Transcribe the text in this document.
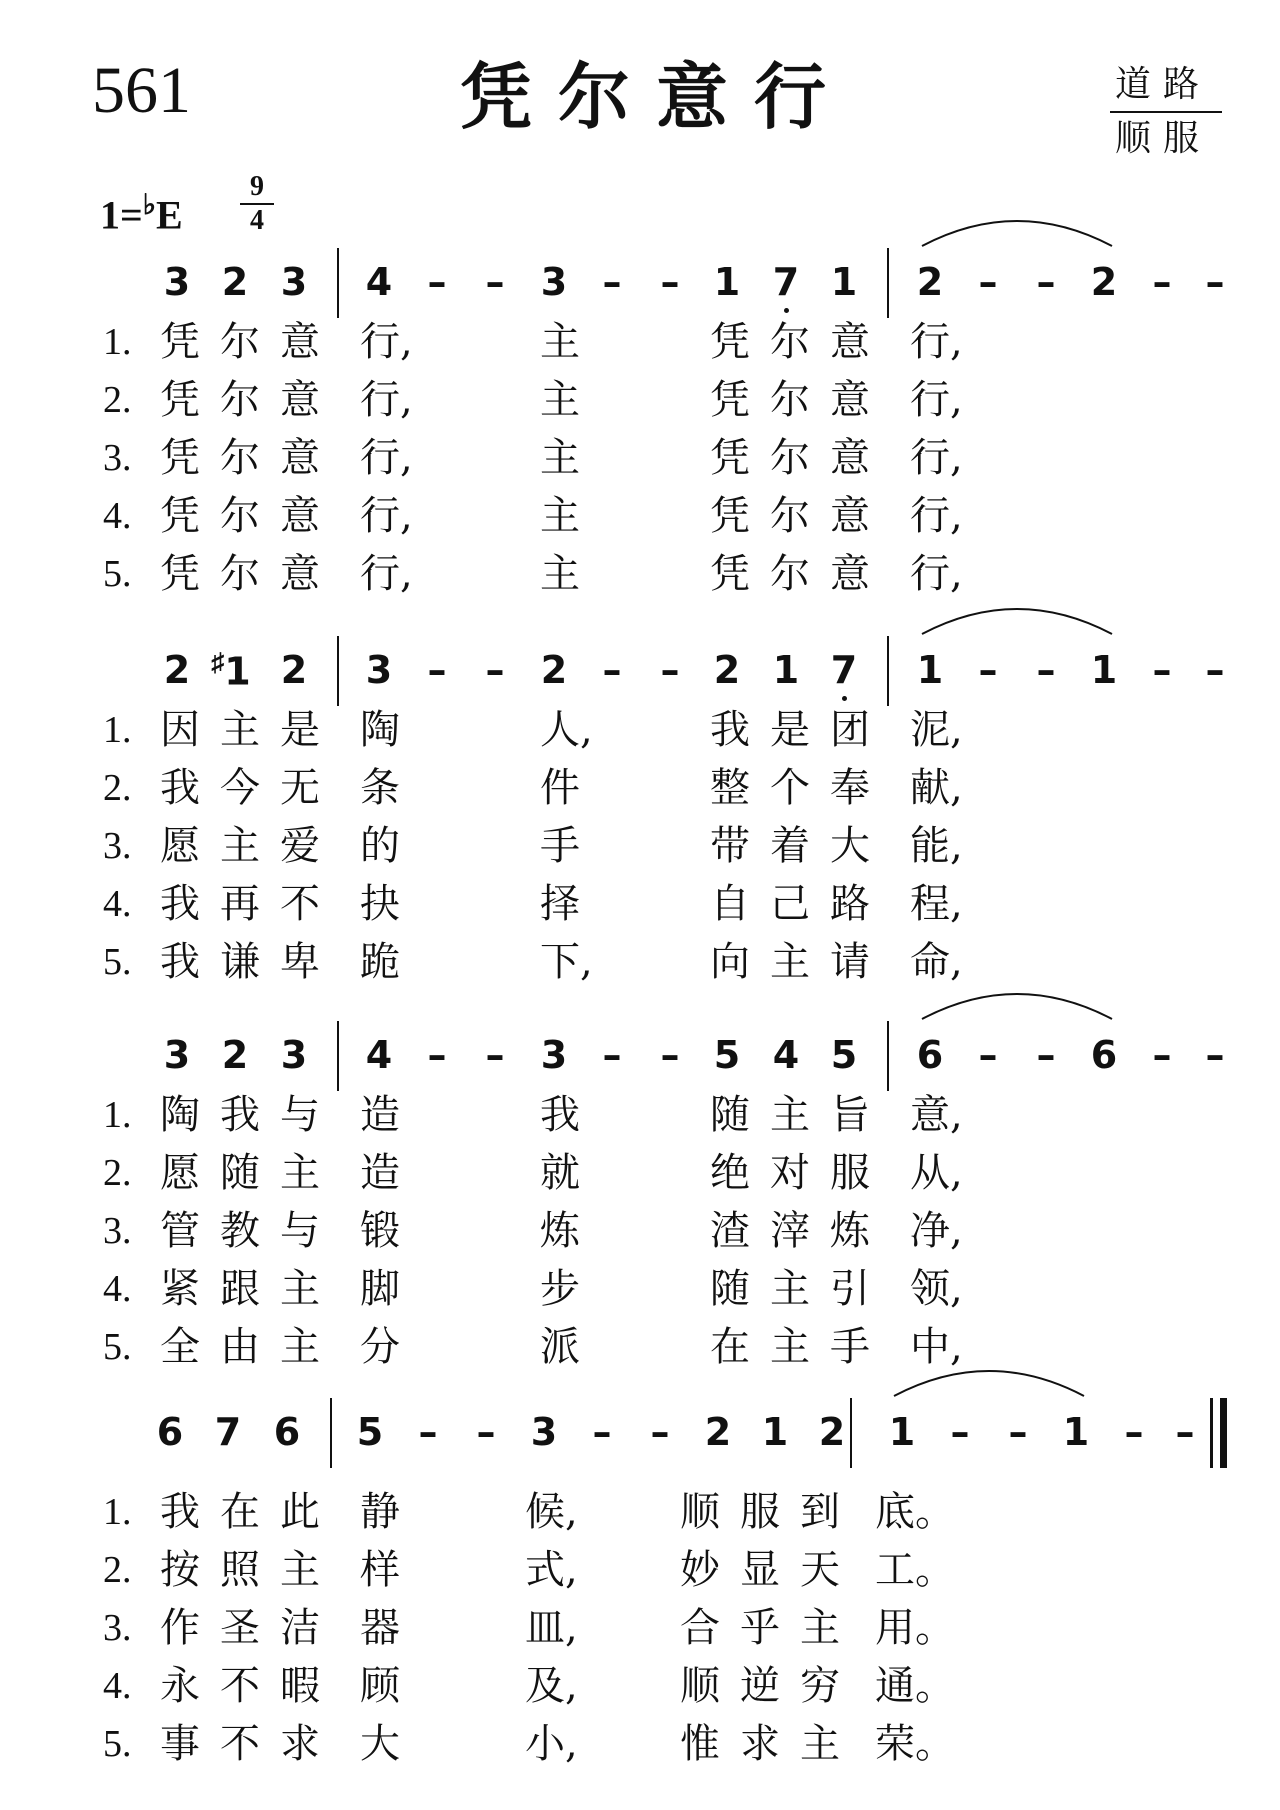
561	凭尔意行	道路
顺服
1=♭E
9
4
3 2 3 4 – – 3 – – 1 7 1 2 – – 2 – –
1. 凭 尔 意 行,	主	凭 尔 意 行,
2. 凭 尔 意 行,	主	凭 尔 意 行,
3. 凭 尔 意 行,	主	凭 尔 意 行,
4. 凭 尔 意 行,	主	凭 尔 意 行,
5. 凭 尔 意 行,	主	凭 尔 意 行,
2 ♯1 2 3 – – 2 – – 2 1 7 1 – – 1 – –
1. 因 主 是 陶	人,	我 是 团 泥,
2. 我 今 无 条	件	整 个 奉 献,
3. 愿 主 爱 的	手	带 着 大 能,
4. 我 再 不 抉	择	自 己 路 程,
5. 我 谦 卑 跪	下,	向 主 请 命,
3 2 3 4 – – 3 – – 5 4 5 6 – – 6 – –
1. 陶 我 与 造	我	随 主 旨 意,
2. 愿 随 主 造	就	绝 对 服 从,
3. 管 教 与 锻	炼	渣 滓 炼 净,
4. 紧 跟 主 脚	步	随 主 引 领,
5. 全 由 主 分	派	在 主 手 中,
6 7 6 5 – – 3 – – 2 1 2 1 – – 1 – –
1. 我 在 此 静	候,	顺 服 到 底。
2. 按 照 主 样	式,	妙 显 天 工。
3. 作 圣 洁 器	皿,	合 乎 主 用。
4. 永 不 暇 顾	及,	顺 逆 穷 通。
5. 事 不 求 大	小,	惟 求 主 荣。
